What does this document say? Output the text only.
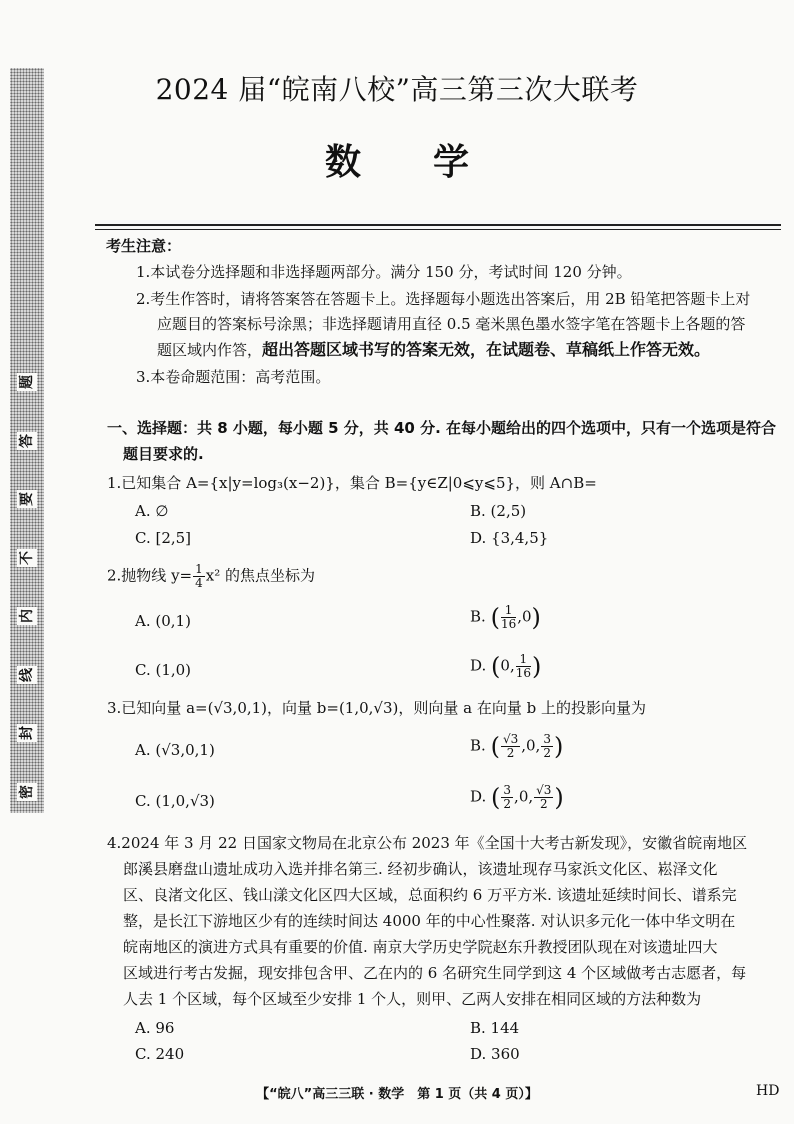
密
封
线
内
不
要
答
题
2024 届“皖南八校”高三第三次大联考
数学
考生注意：
1.本试卷分选择题和非选择题两部分。满分 150 分，考试时间 120 分钟。
2.考生作答时，请将答案答在答题卡上。选择题每小题选出答案后，用 2B 铅笔把答题卡上对
应题目的答案标号涂黑；非选择题请用直径 0.5 毫米黑色墨水签字笔在答题卡上各题的答
题区域内作答，超出答题区域书写的答案无效，在试题卷、草稿纸上作答无效。
3.本卷命题范围：高考范围。
一、选择题：共 8 小题，每小题 5 分，共 40 分. 在每小题给出的四个选项中，只有一个选项是符合
题目要求的.
1.已知集合 A={x|y=log₃(x−2)}，集合 B={y∈Z|0⩽y⩽5}，则 A∩B=
A. ∅	B. (2,5)
C. [2,5]	D. {3,4,5}
2.抛物线 $y= \frac{1}{4} x^2$ 的焦点坐标为
A. (0,1)	B. ( $\frac{1}{16} ,0$)
C. (1,0)	D. (0, $\frac{1}{16}$ )
3.已知向量 a=(√3,0,1)，向量 b=(1,0,√3)，则向量 a 在向量 b 上的投影向量为
A. (√3,0,1)	B. ( $\frac{√3}{2} ,0$, $\frac{3}{2}$ )
C. (1,0,√3)	D. ( $\frac{3}{2} ,0$, $\frac{√3}{2}$ )
4.2024 年 3 月 22 日国家文物局在北京公布 2023 年《全国十大考古新发现》，安徽省皖南地区
郎溪县磨盘山遗址成功入选并排名第三. 经初步确认，该遗址现存马家浜文化区、崧泽文化
区、良渚文化区、钱山漾文化区四大区域，总面积约 6 万平方米. 该遗址延续时间长、谱系完
整，是长江下游地区少有的连续时间达 4000 年的中心性聚落. 对认识多元化一体中华文明在
皖南地区的演进方式具有重要的价值. 南京大学历史学院赵东升教授团队现在对该遗址四大
区域进行考古发掘，现安排包含甲、乙在内的 6 名研究生同学到这 4 个区域做考古志愿者，每
人去 1 个区域，每个区域至少安排 1 个人，则甲、乙两人安排在相同区域的方法种数为
A. 96	B. 144
C. 240	D. 360
【“皖八”高三三联 · 数学　第 1 页（共 4 页）】	HD
